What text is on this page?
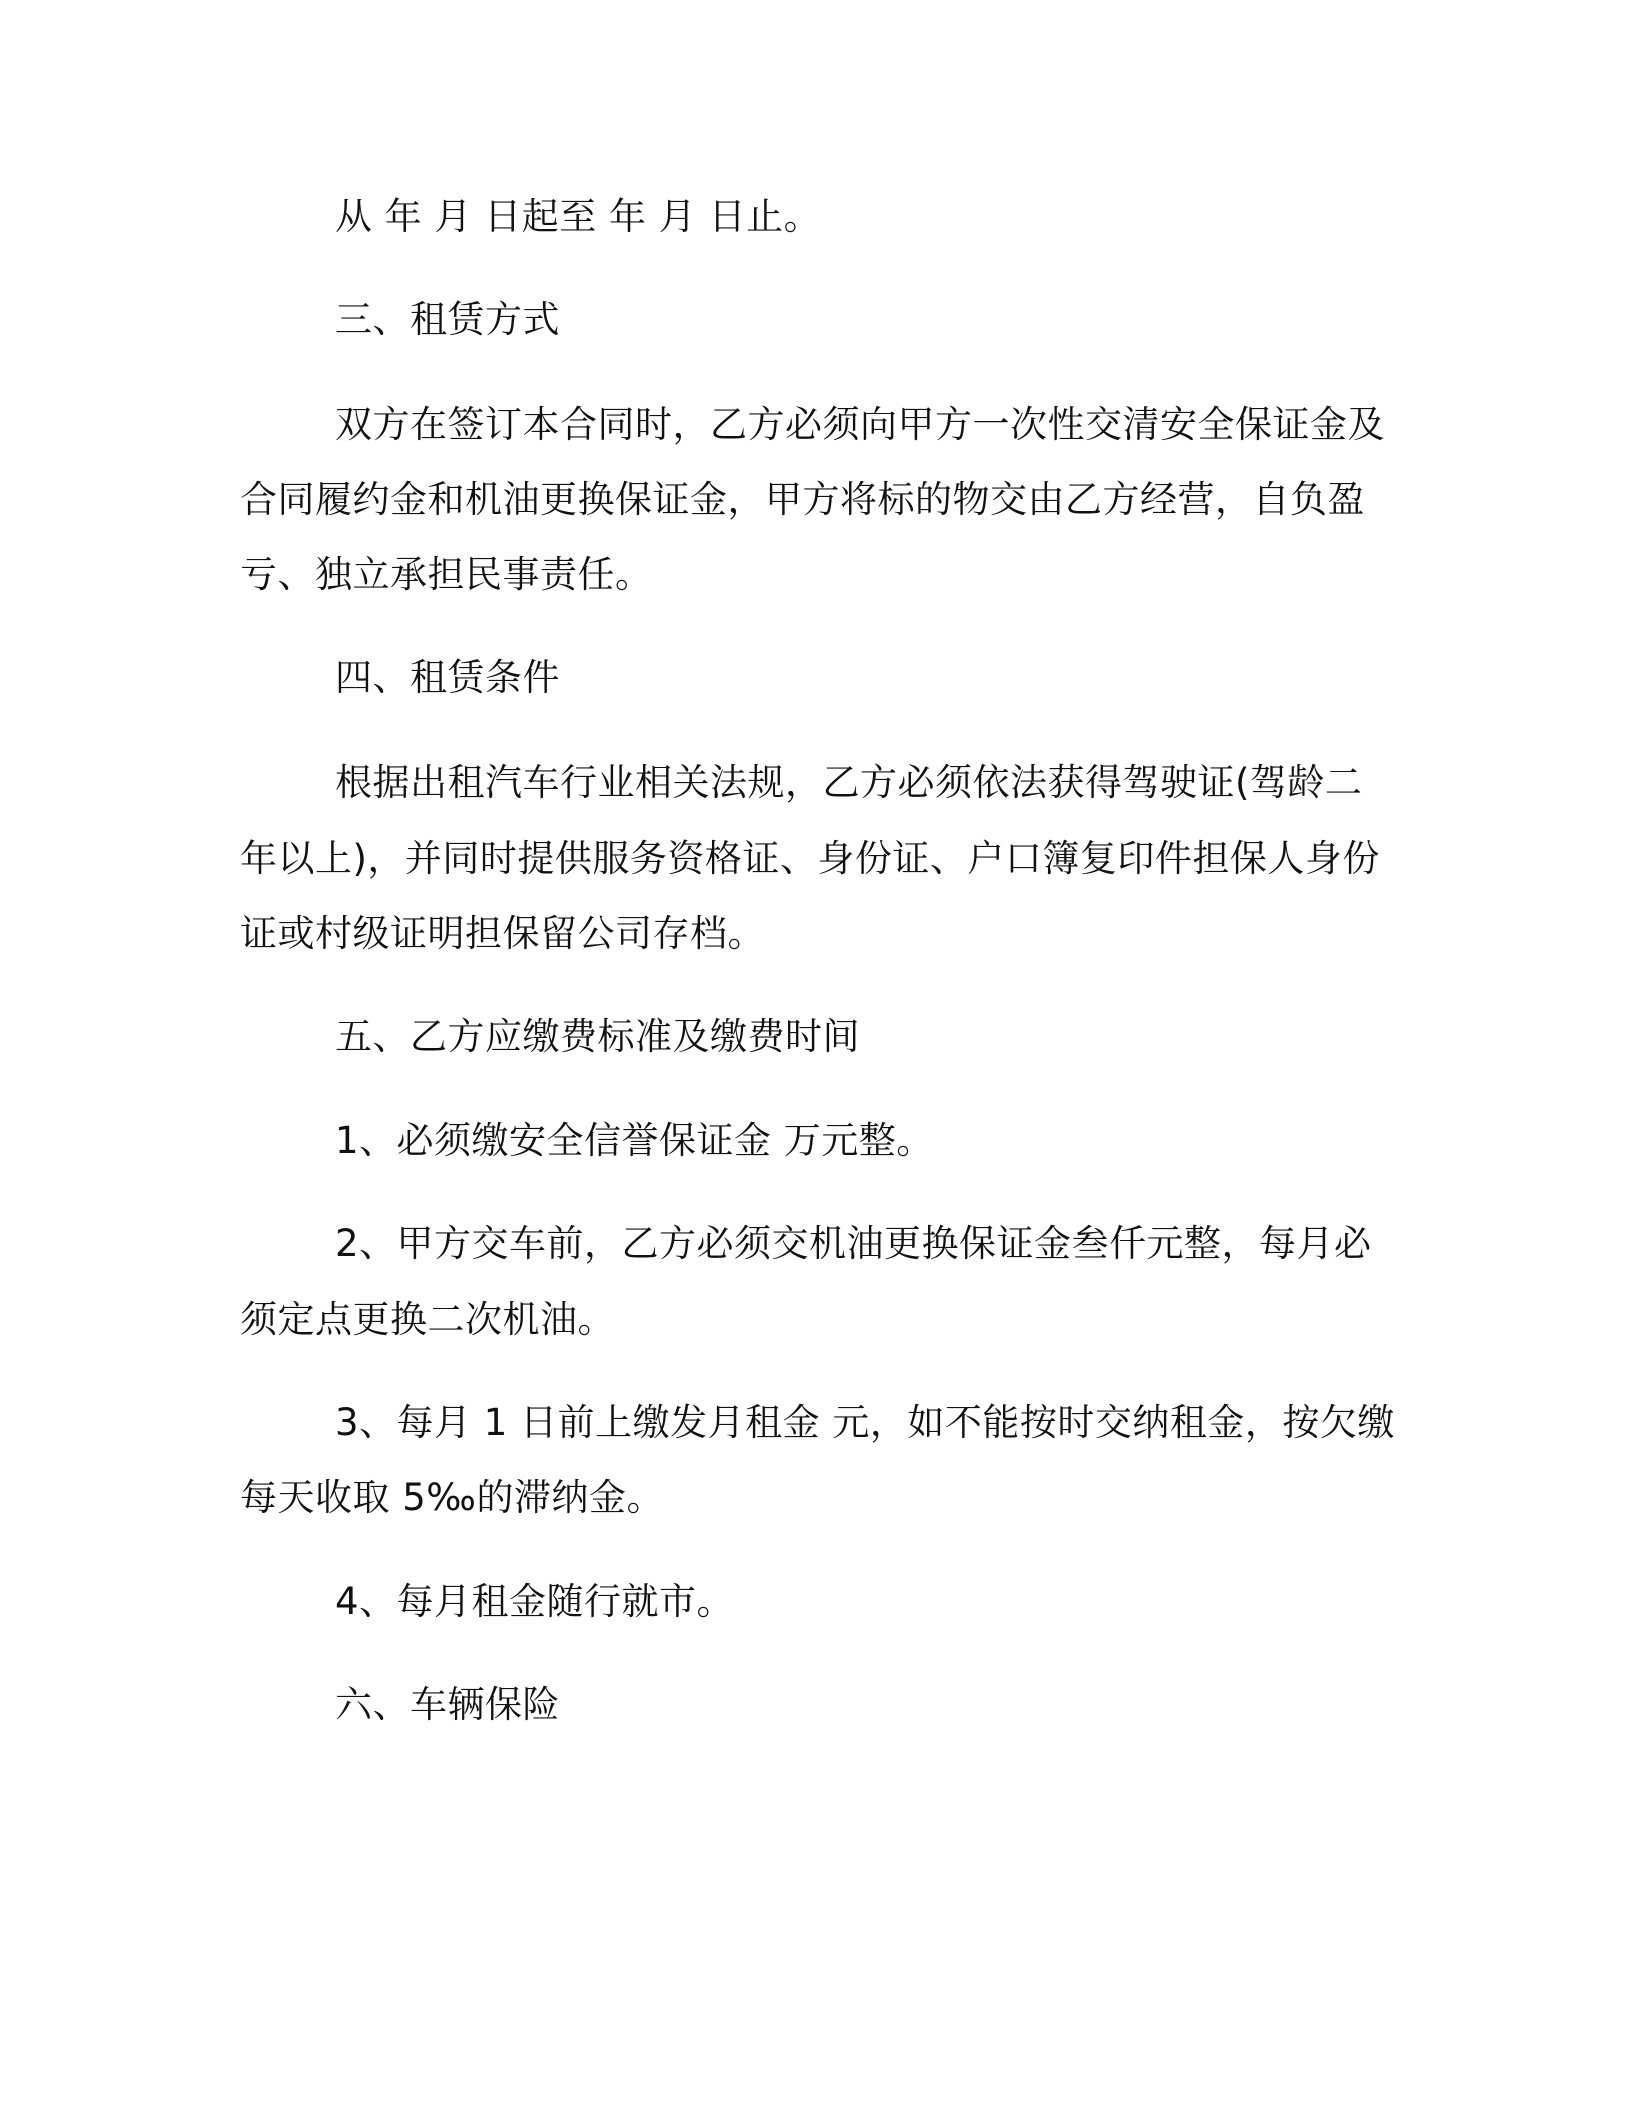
从 年 月 日起至 年 月 日止。
三、租赁方式
双方在签订本合同时，乙方必须向甲方一次性交清安全保证金及
合同履约金和机油更换保证金，甲方将标的物交由乙方经营，自负盈
亏、独立承担民事责任。
四、租赁条件
根据出租汽车行业相关法规，乙方必须依法获得驾驶证(驾龄二
年以上)，并同时提供服务资格证、身份证、户口簿复印件担保人身份
证或村级证明担保留公司存档。
五、乙方应缴费标准及缴费时间
1、必须缴安全信誉保证金 万元整。
2、甲方交车前，乙方必须交机油更换保证金叁仟元整，每月必
须定点更换二次机油。
3、每月 1 日前上缴发月租金 元，如不能按时交纳租金，按欠缴
每天收取 5‰的滞纳金。
4、每月租金随行就市。
六、车辆保险
